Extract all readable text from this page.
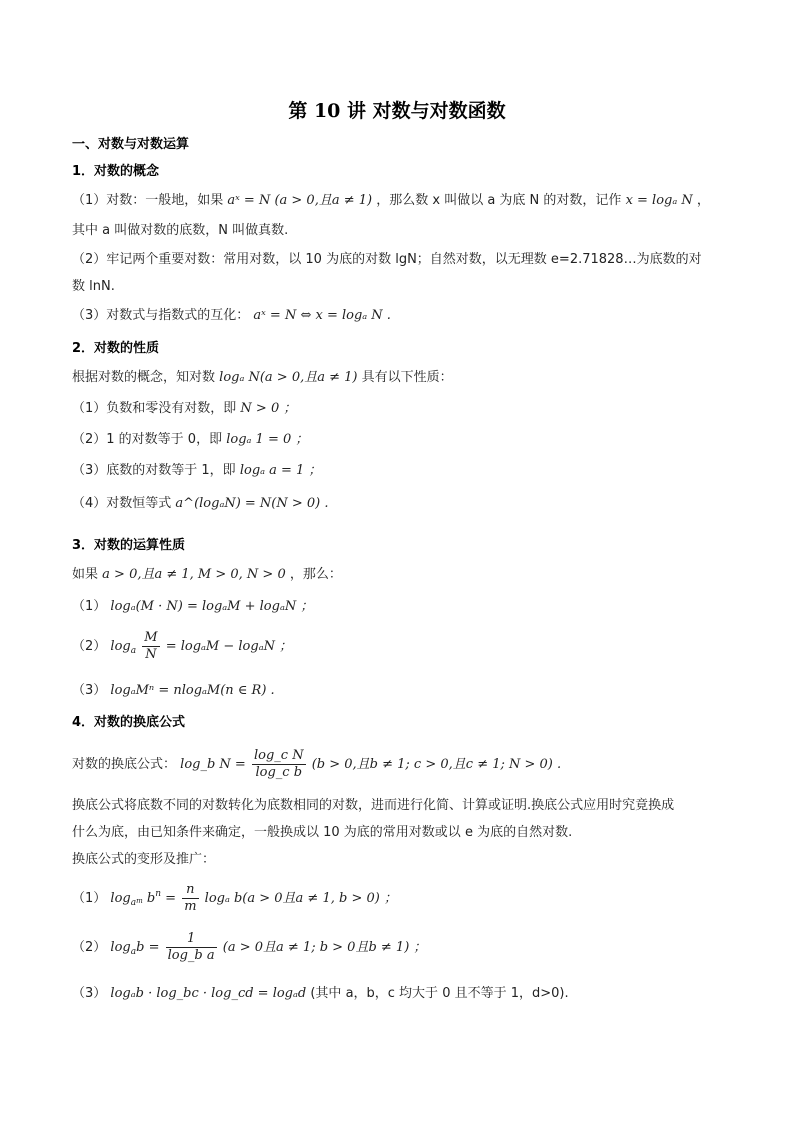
第 10 讲 对数与对数函数
一、对数与对数运算
1．对数的概念
（1）对数：一般地，如果 aˣ = N (a > 0,且a ≠ 1) ，那么数 x 叫做以 a 为底 N 的对数，记作 x = logₐ N ，
其中 a 叫做对数的底数，N 叫做真数.
（2）牢记两个重要对数：常用对数，以 10 为底的对数 lgN；自然对数，以无理数 e=2.71828…为底数的对
数 lnN.
（3）对数式与指数式的互化： aˣ = N ⇔ x = logₐ N .
2．对数的性质
根据对数的概念，知对数 logₐ N(a > 0,且a ≠ 1) 具有以下性质：
（1）负数和零没有对数，即 N > 0 ；
（2）1 的对数等于 0，即 logₐ 1 = 0 ；
（3）底数的对数等于 1，即 logₐ a = 1 ；
（4）对数恒等式 a^(logₐN) = N(N > 0) .
3．对数的运算性质
如果 a > 0,且a ≠ 1, M > 0, N > 0 ，那么：
（1） logₐ(M · N) = logₐM + logₐN ；
（2） $\log_a \frac{M}{N} = \log_aM - \log_aN$ ；
（3） logₐMⁿ = nlogₐM(n ∈ R) .
4．对数的换底公式
对数的换底公式： log_b $N = \frac{\text{log\_c N}}{\text{log\_c b}} (b > 0$,且b ≠ 1; c > 0,且c ≠ 1; N > 0) .
换底公式将底数不同的对数转化为底数相同的对数，进而进行化简、计算或证明.换底公式应用时究竟换成
什么为底，由已知条件来确定，一般换成以 10 为底的常用对数或以 e 为底的自然对数.
换底公式的变形及推广：
（1） $\log_{a^m} b^n = \frac{n}{m}$ logₐ b(a > 0且a ≠ 1, b > 0) ；
（2） $\log_ab = \frac{1}{\text{log\_b a}} (a > 0$且a ≠ 1; b > 0且b ≠ 1) ；
（3） logₐb · log_bc · log_cd = logₐd (其中 a，b，c 均大于 0 且不等于 1，d>0).
